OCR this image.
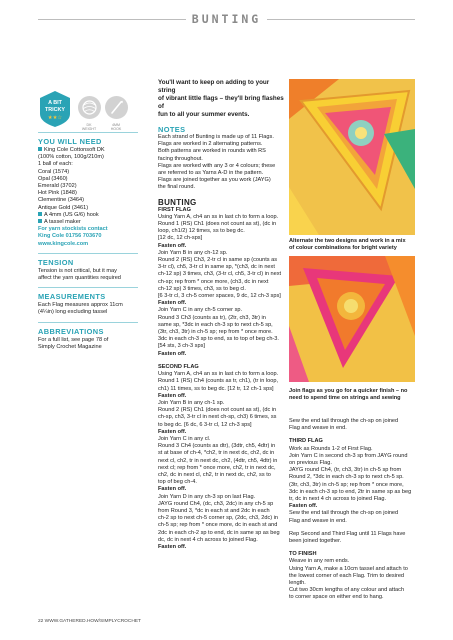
BUNTING
A BIT
TRICKY
★★☆
DK
WEIGHT
4MM
HOOK
YOU WILL NEED
King Cole Cottonsoft DK
(100% cotton, 100g/210m)
1 ball of each:
Coral (1574)
Opal (3460)
Emerald (3702)
Hot Pink (1848)
Clementine (3464)
Antique Gold (3461)
A 4mm (US G/6) hook
A tassel maker
For yarn stockists contact
King Cole 01756 703670
www.kingcole.com
TENSION
Tension is not critical, but it may
affect the yarn quantities required
MEASUREMENTS
Each Flag measures approx 11cm
(4¼in) long excluding tassel
ABBREVIATIONS
For a full list, see page 78 of
Simply Crochet Magazine
You'll want to keep on adding to your string
of vibrant little flags – they'll bring flashes of
fun to all your summer events.
NOTES
Each strand of Bunting is made up of 11 Flags.
Flags are worked in 2 alternating patterns.
Both patterns are worked in rounds with RS
facing throughout.
Flags are worked with any 3 or 4 colours; these
are referred to as Yarns A-D in the pattern.
Flags are joined together as you work (JAYG)
the final round.
BUNTING
FIRST FLAG
Using Yarn A, ch4 an ss in last ch to form a loop.
Round 1 (RS) Ch1 (does not count as st), (dc in
loop, ch1/2) 12 times, ss to beg dc.
[12 dc, 12 ch-sps]
Fasten off.
Join Yarn B in any ch-12 sp.
Round 2 (RS) Ch3, 2-tr cl in same sp (counts as
3-tr cl), ch5, 3-tr cl in same sp, *(ch3, dc in next
ch-12 sp) 3 times, ch3, (3-tr cl, ch5, 3-tr cl) in next
ch-sp; rep from * once more, (ch3, dc in next
ch-12 sp) 3 times, ch3, ss to beg cl.
[6 3-tr cl, 3 ch-5 corner spaces, 9 dc, 12 ch-3 sps]
Fasten off.
Join Yarn C in any ch-5 corner sp.
Round 3 Ch3 (counts as tr), (2tr, ch3, 3tr) in
same sp, *3dc in each ch-3 sp to next ch-5 sp,
(3tr, ch3, 3tr) in ch-5 sp; rep from * once more.
3dc in each ch-3 sp to end, ss to top of beg ch-3.
[54 sts, 3 ch-3 sps]
Fasten off.
SECOND FLAG
Using Yarn A, ch4 an ss in last ch to form a loop.
Round 1 (RS) Ch4 (counts as tr, ch1), (tr in loop,
ch1) 11 times, ss to beg dc. [12 tr, 12 ch-1 sps]
Fasten off.
Join Yarn B in any ch-1 sp.
Round 2 (RS) Ch1 (does not count as st), (dc in
ch-sp, ch3, 3-tr cl in next ch-sp, ch3) 6 times, ss
to beg dc. [6 dc, 6 3-tr cl, 12 ch-3 sps]
Fasten off.
Join Yarn C in any cl.
Round 3 Ch4 (counts as dtr), (3dtr, ch5, 4dtr) in
st at base of ch-4, *ch2, tr in next dc, ch2, dc in
next cl, ch2, tr in next dc, ch2, (4dtr, ch5, 4dtr) in
next cl; rep from * once more, ch2, tr in next dc,
ch2, dc in next cl, ch2, tr in next dc, ch2, ss to
top of beg ch-4.
Fasten off.
Join Yarn D in any ch-3 sp on last Flag.
JAYG round Ch4, (dc, ch3, 2dc) in any ch-5 sp
from Round 3, *dc in each st and 2dc in each
ch-2 sp to next ch-5 corner sp, (2dc, ch3, 2dc) in
ch-5 sp; rep from * once more, dc in each st and
2dc in each ch-2 sp to end, dc in same sp as beg
dc, dc in next 4 ch across to joined Flag.
Fasten off.
Alternate the two designs and work in a mix
of colour combinations for bright variety
Join flags as you go for a quicker finish – no
need to spend time on strings and sewing
Sew the end tail through the ch-sp on joined
Flag and weave in end.
THIRD FLAG
Work as Rounds 1-2 of First Flag.
Join Yarn C in second ch-3 sp from JAYG round
on previous Flag.
JAYG round Ch4, (tr, ch3, 3tr) in ch-5 sp from
Round 2, *3dc in each ch-3 sp to next ch-5 sp.
(3tr, ch3, 3tr) in ch-5 sp; rep from * once more,
3dc in each ch-3 sp to end, 2tr in same sp as beg
tr, dc in next 4 ch across to joined Flag.
Fasten off.
Sew the end tail through the ch-sp on joined
Flag and weave in end.
Rep Second and Third Flag until 11 Flags have
been joined together.
TO FINISH
Weave in any rem ends.
Using Yarn A, make a 10cm tassel and attach to
the lowest corner of each Flag. Trim to desired
length.
Cut two 30cm lengths of any colour and attach
to corner space on either end to hang.
22 WWW.GATHERED.HOW/SIMPLYCROCHET
